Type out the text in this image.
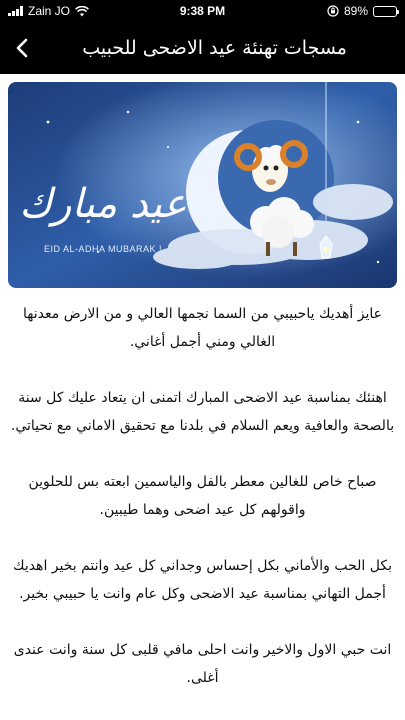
Zain JO	9:38 PM	89%
مسجات تهنئة عيد الاضحى للحبيب
عيد مبارك
EID AL-ADHA MUBARAK !

عايز أهديك ياحبيبي من السما نجمها العالي و من الارض معدنها الغالي ومني أجمل أغاني.

اهنئك بمناسبة عيد الاضحى المبارك اتمنى ان يتعاد عليك كل سنة بالصحة والعافية ويعم السلام في بلدنا مع تحقيق الاماني مع تحياتي.

صباح خاص للغالين معطر بالفل والياسمين ابعته بس للحلوين واقولهم كل عيد اضحى وهما طيبين.

بكل الحب والأماني بكل إحساس وجداني كل عيد وانتم بخير اهديك أجمل التهاني بمناسبة عيد الاضحى وكل عام وانت يا حبيبي بخير.

انت حبي الاول والاخير وانت احلى مافي قلبى كل سنة وانت عندى أغلى.
